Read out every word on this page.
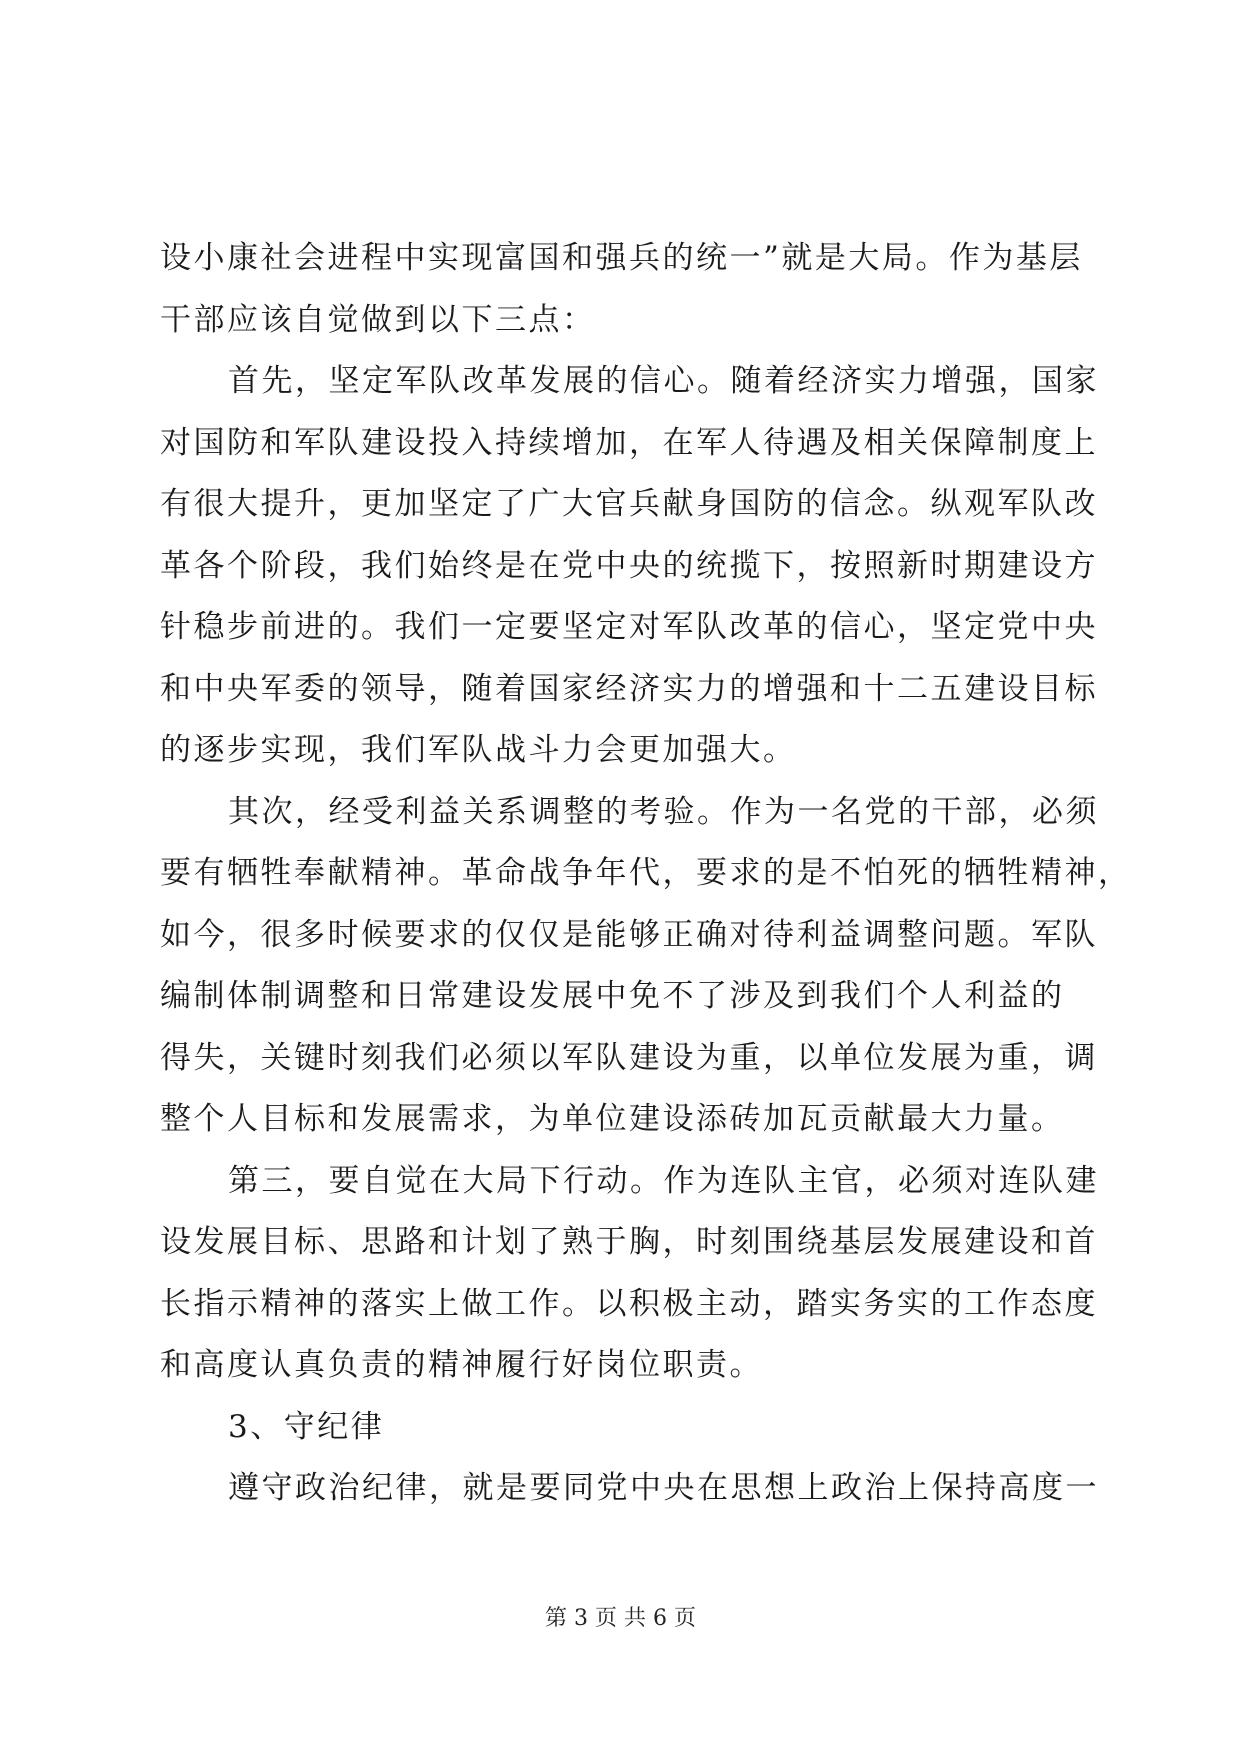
设小康社会进程中实现富国和强兵的统一”就是大局。作为基层
干部应该自觉做到以下三点：
首先，坚定军队改革发展的信心。随着经济实力增强，国家
对国防和军队建设投入持续增加，在军人待遇及相关保障制度上
有很大提升，更加坚定了广大官兵献身国防的信念。纵观军队改
革各个阶段，我们始终是在党中央的统揽下，按照新时期建设方
针稳步前进的。我们一定要坚定对军队改革的信心，坚定党中央
和中央军委的领导，随着国家经济实力的增强和十二五建设目标
的逐步实现，我们军队战斗力会更加强大。
其次，经受利益关系调整的考验。作为一名党的干部，必须
要有牺牲奉献精神。革命战争年代，要求的是不怕死的牺牲精神，
如今，很多时候要求的仅仅是能够正确对待利益调整问题。军队
编制体制调整和日常建设发展中免不了涉及到我们个人利益的
得失，关键时刻我们必须以军队建设为重，以单位发展为重，调
整个人目标和发展需求，为单位建设添砖加瓦贡献最大力量。
第三，要自觉在大局下行动。作为连队主官，必须对连队建
设发展目标、思路和计划了熟于胸，时刻围绕基层发展建设和首
长指示精神的落实上做工作。以积极主动，踏实务实的工作态度
和高度认真负责的精神履行好岗位职责。
3、守纪律
遵守政治纪律，就是要同党中央在思想上政治上保持高度一
第 3 页 共 6 页
